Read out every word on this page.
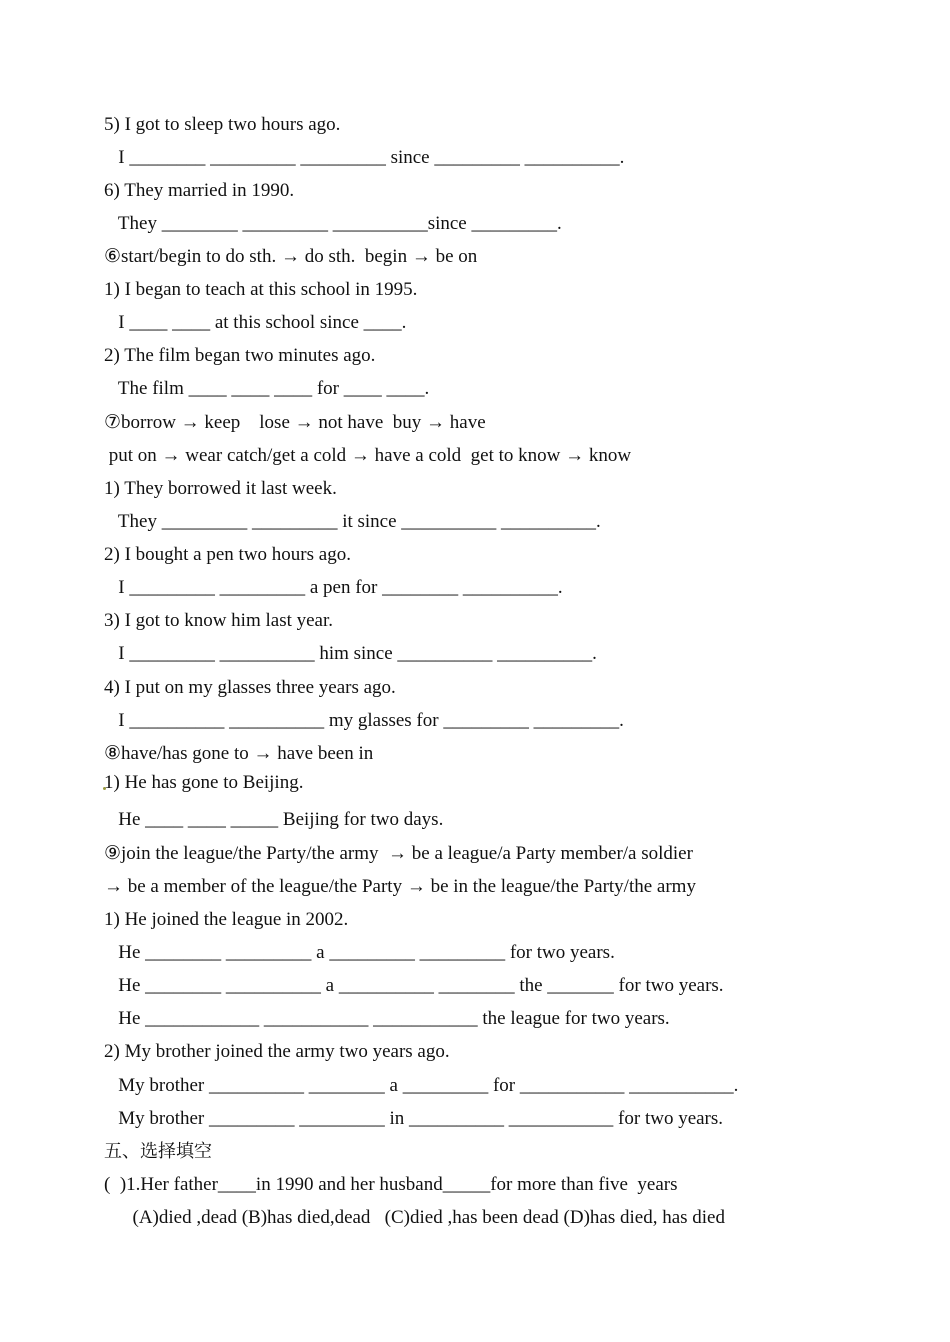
5) I got to sleep two hours ago.
I ________ _________ _________ since _________ __________.
6) They married in 1990.
They ________ _________ __________since _________.
⑥start/begin to do sth. → do sth.  begin → be on
1) I began to teach at this school in 1995.
I ____ ____ at this school since ____.
2) The film began two minutes ago.
The film ____ ____ ____ for ____ ____.
⑦borrow → keep    lose → not have  buy → have
put on → wear catch/get a cold → have a cold  get to know → know
1) They borrowed it last week.
They _________ _________ it since __________ __________.
2) I bought a pen two hours ago.
I _________ _________ a pen for ________ __________.
3) I got to know him last year.
I _________ __________ him since __________ __________.
4) I put on my glasses three years ago.
I __________ __________ my glasses for _________ _________.
⑧have/has gone to → have been in
1) He has gone to Beijing.
He ____ ____ _____ Beijing for two days.
⑨join the league/the Party/the army  → be a league/a Party member/a soldier
→ be a member of the league/the Party → be in the league/the Party/the army
1) He joined the league in 2002.
He ________ _________ a _________ _________ for two years.
He ________ __________ a __________ ________ the _______ for two years.
He ____________ ___________ ___________ the league for two years.
2) My brother joined the army two years ago.
My brother __________ ________ a _________ for ___________ ___________.
My brother _________ _________ in __________ ___________ for two years.
五、选择填空
(  )1.Her father____in 1990 and her husband_____for more than five  years
(A)died ,dead (B)has died,dead   (C)died ,has been dead (D)has died, has died
